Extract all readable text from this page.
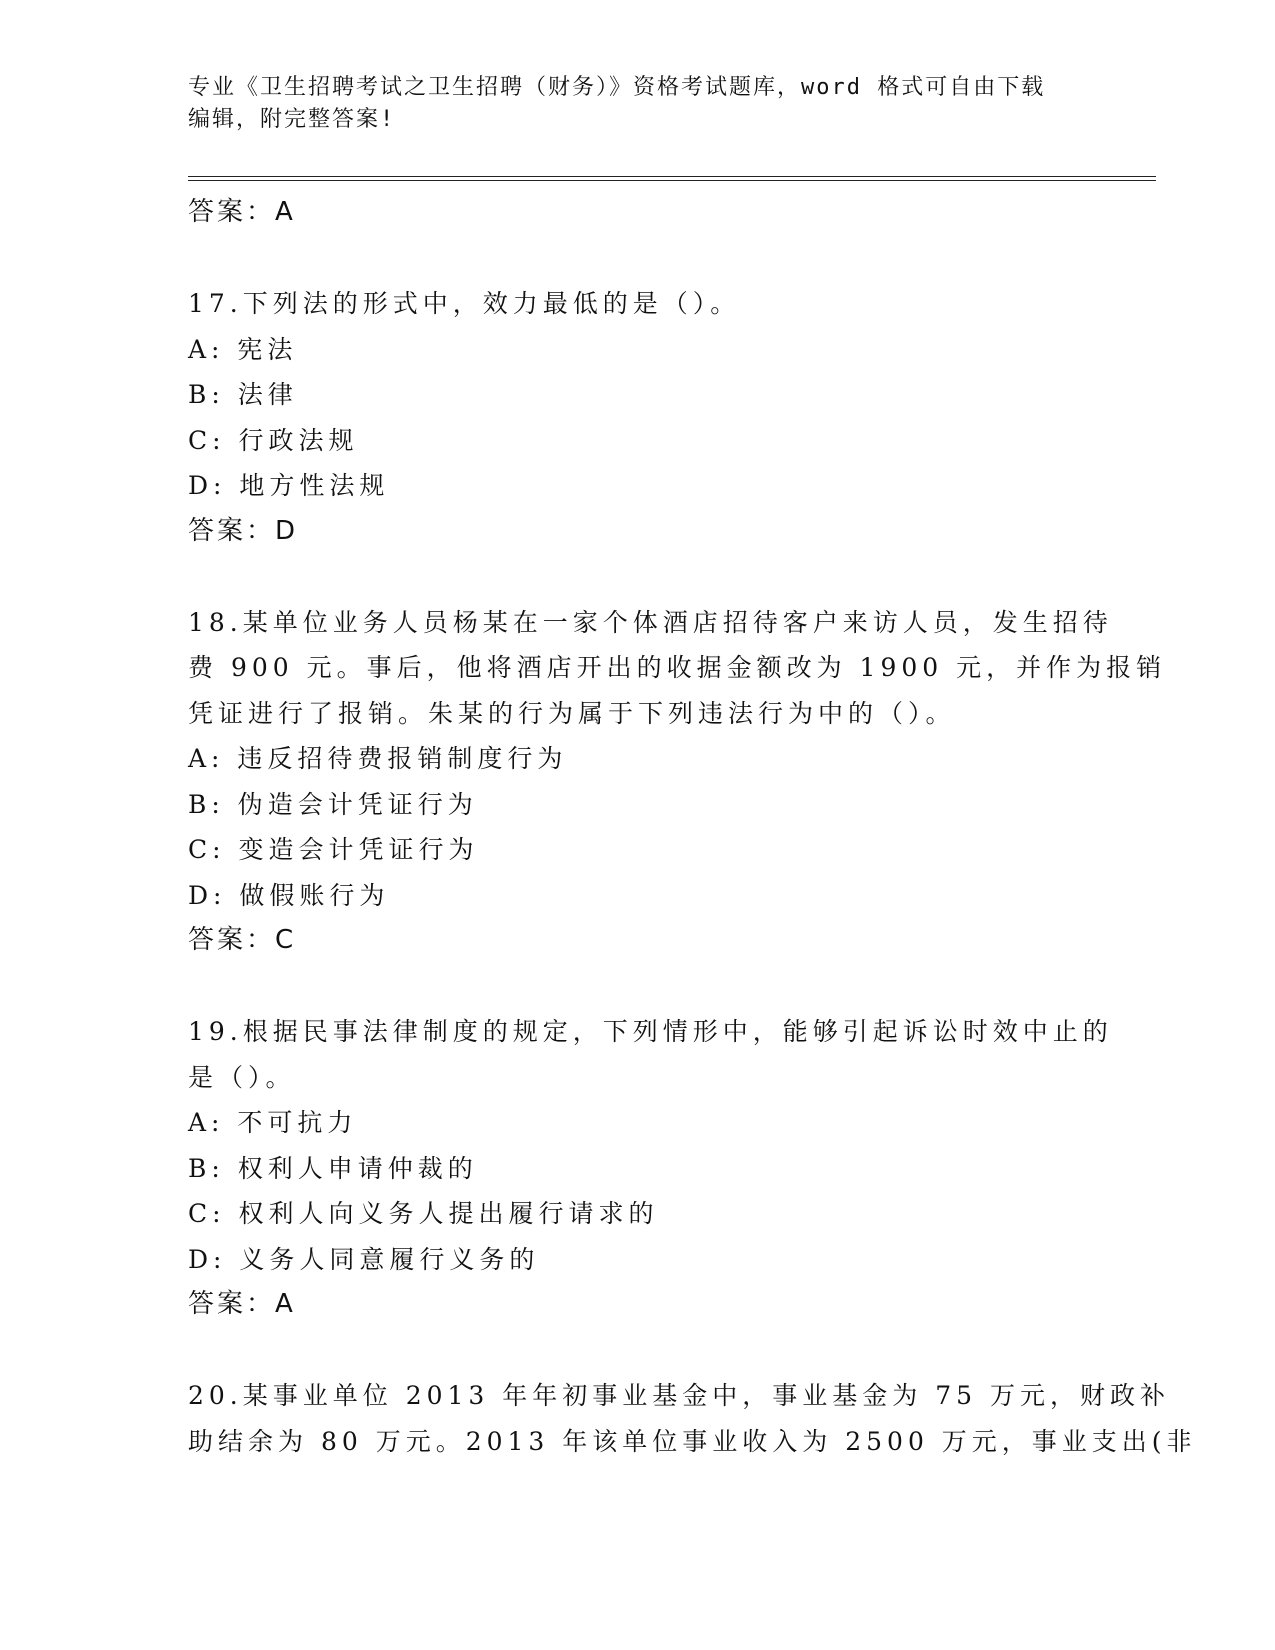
专业《卫生招聘考试之卫生招聘（财务）》资格考试题库，word 格式可自由下载
编辑，附完整答案!
答案：A
17.下列法的形式中，效力最低的是（）。
A: 宪法
B: 法律
C: 行政法规
D: 地方性法规
答案：D
18.某单位业务人员杨某在一家个体酒店招待客户来访人员，发生招待
费 900 元。事后，他将酒店开出的收据金额改为 1900 元，并作为报销
凭证进行了报销。朱某的行为属于下列违法行为中的（）。
A: 违反招待费报销制度行为
B: 伪造会计凭证行为
C: 变造会计凭证行为
D: 做假账行为
答案：C
19.根据民事法律制度的规定，下列情形中，能够引起诉讼时效中止的
是（）。
A: 不可抗力
B: 权利人申请仲裁的
C: 权利人向义务人提出履行请求的
D: 义务人同意履行义务的
答案：A
20.某事业单位 2013 年年初事业基金中，事业基金为 75 万元，财政补
助结余为 80 万元。2013 年该单位事业收入为 2500 万元，事业支出(非
